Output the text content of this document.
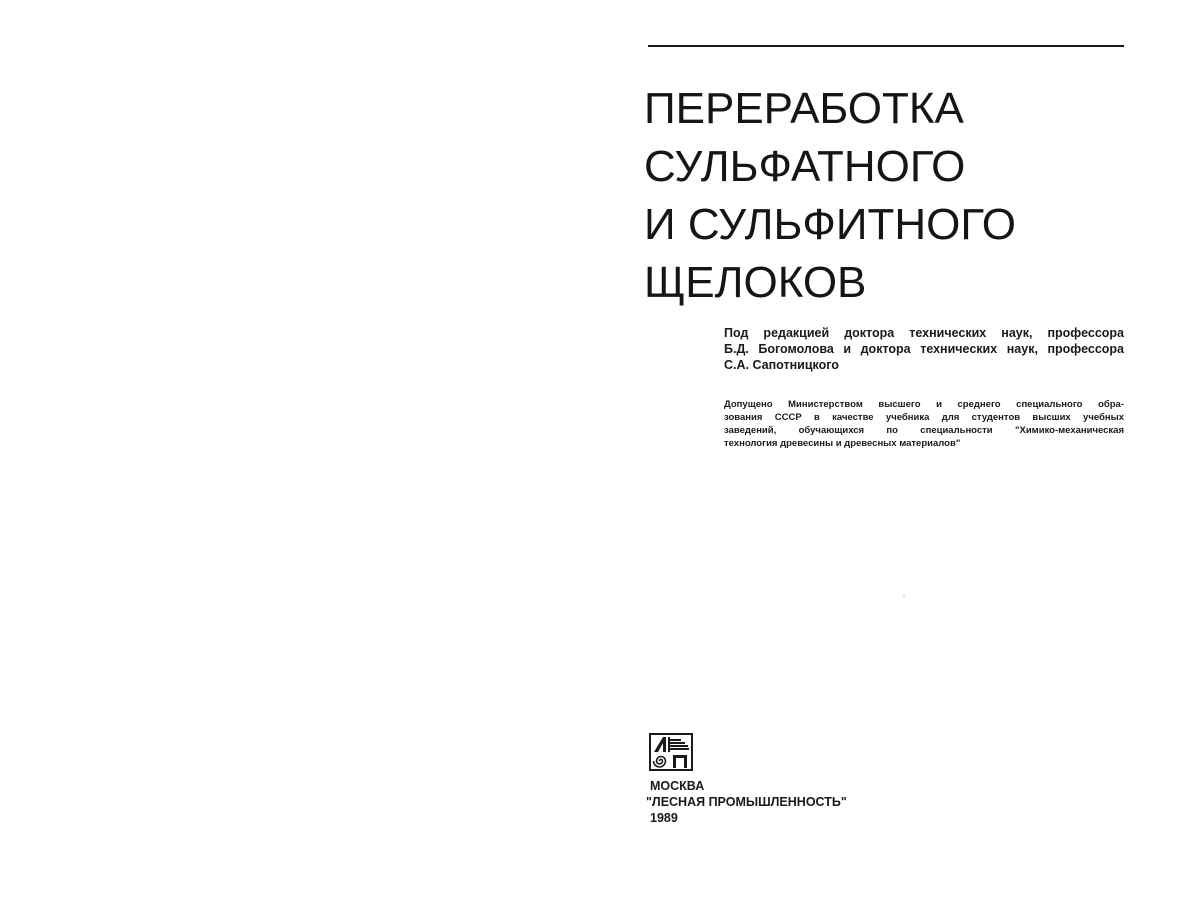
ПЕРЕРАБОТКА
СУЛЬФАТНОГО
И СУЛЬФИТНОГО
ЩЕЛОКОВ
Под редакцией доктора технических наук, профессора
Б.Д. Богомолова и доктора технических наук, профессора
С.А. Сапотницкого
Допущено Министерством высшего и среднего специального обра-
зования СССР в качестве учебника для студентов высших учебных
заведений, обучающихся по специальности "Химико-механическая
технология древесины и древесных материалов"
МОСКВА
"ЛЕСНАЯ ПРОМЫШЛЕННОСТЬ"
1989
